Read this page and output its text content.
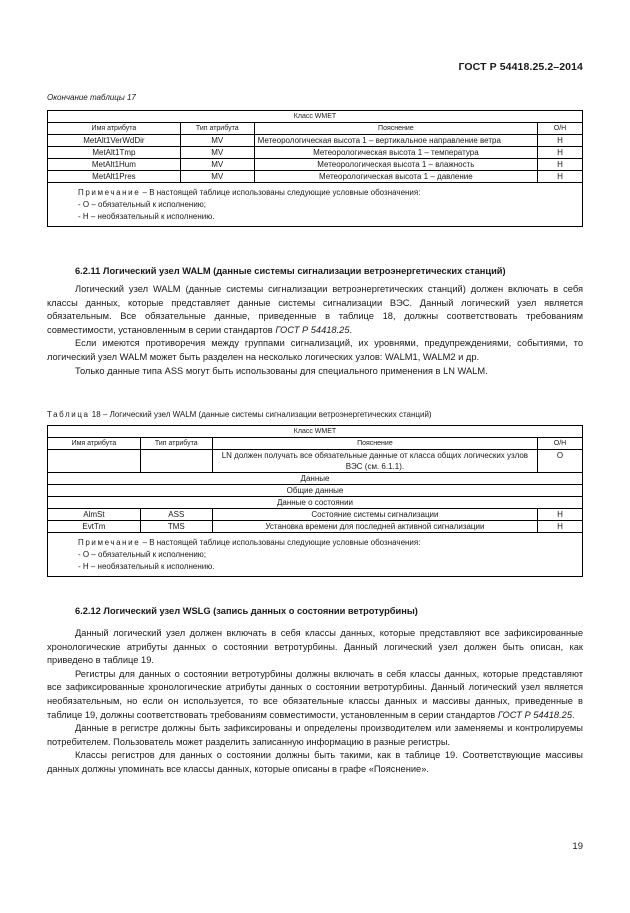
ГОСТ Р 54418.25.2–2014
Окончание таблицы 17
Класс WMET			
Имя атрибута	Тип атрибута	Пояснение	О/Н
MetAlt1VerWdDir	MV	Метеорологическая высота 1 – вертикальное направление ветра	Н
MetAlt1Tmp	MV	Метеорологическая высота 1 – температура	Н
MetAlt1Hum	MV	Метеорологическая высота 1 – влажность	Н
MetAlt1Pres	MV	Метеорологическая высота 1 – давление	Н
Примечание – В настоящей таблице использованы следующие условные обозначения:
- О – обязательный к исполнению;
- Н – необязательный к исполнению.			
6.2.11 Логический узел WALM (данные системы сигнализации ветроэнергетических станций)

Логический узел WALM (данные системы сигнализации ветроэнергетических станций) должен включать в себя классы данных, которые представляет данные системы сигнализации ВЭС. Данный логический узел является обязательным. Все обязательные данные, приведенные в таблице 18, должны соответствовать требованиям совместимости, установленным в серии стандартов ГОСТ Р 54418.25.

Если имеются противоречия между группами сигнализаций, их уровнями, предупреждениями, событиями, то логический узел WALM может быть разделен на несколько логических узлов: WALM1, WALM2 и др.

Только данные типа ASS могут быть использованы для специального применения в LN WALM.

Таблица 18 – Логический узел WALM (данные системы сигнализации ветроэнергетических станций)
Класс WMET			
Имя атрибута	Тип атрибута	Пояснение	О/Н
		LN должен получать все обязательные данные от класса общих логических узлов ВЭС (см. 6.1.1).	О
Данные			
Общие данные			
Данные о состоянии			
AlmSt	ASS	Состояние системы сигнализации	Н
EvtTm	TMS	Установка времени для последней активной сигнализации	Н
Примечание – В настоящей таблице использованы следующие условные обозначения:
- О – обязательный к исполнению;
- Н – необязательный к исполнению.			
6.2.12 Логический узел WSLG (запись данных о состоянии ветротурбины)

Данный логический узел должен включать в себя классы данных, которые представляют все зафиксированные хронологические атрибуты данных о состоянии ветротурбины. Данный логический узел должен быть описан, как приведено в таблице 19.

Регистры для данных о состоянии ветротурбины должны включать в себя классы данных, которые представляют все зафиксированные хронологические атрибуты данных о состоянии ветротурбины. Данный логический узел является необязательным, но если он используется, то все обязательные классы данных и массивы данных, приведенные в таблице 19, должны соответствовать требованиям совместимости, установленным в серии стандартов ГОСТ Р 54418.25.

Данные в регистре должны быть зафиксированы и определены производителем или заменяемы и контролируемы потребителем. Пользователь может разделить записанную информацию в разные регистры.

Классы регистров для данных о состоянии должны быть такими, как в таблице 19. Соответствующие массивы данных должны упоминать все классы данных, которые описаны в графе «Пояснение».

19
